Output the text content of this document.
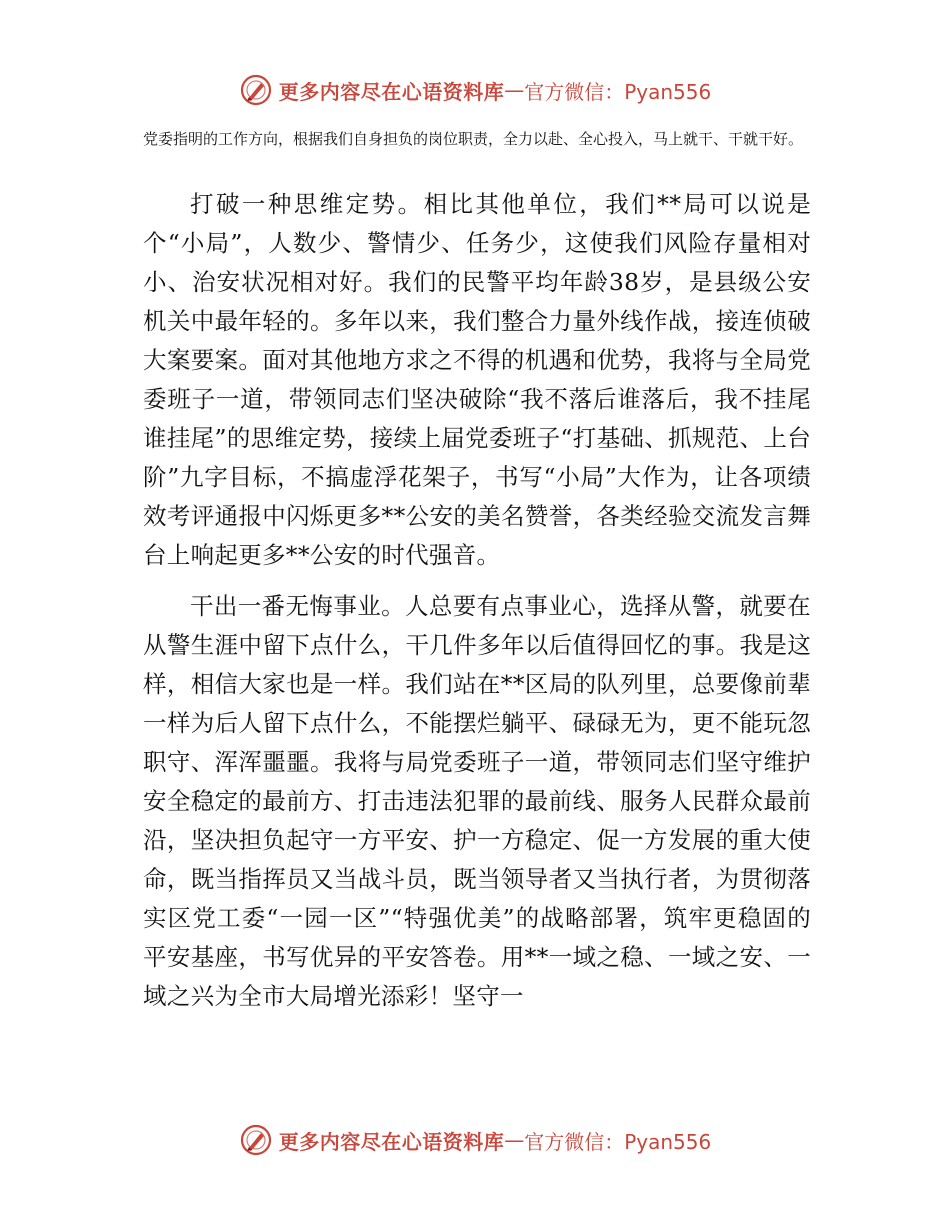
更多内容尽在心语资料库 — 官方微信：Pyan556

党委指明的工作方向，根据我们自身担负的岗位职责，全力以赴、全心投入，马上就干、干就干好。

打破一种思维定势。相比其他单位，我们**局可以说是个“小局”，人数少、警情少、任务少，这使我们风险存量相对小、治安状况相对好。我们的民警平均年龄38岁，是县级公安机关中最年轻的。多年以来，我们整合力量外线作战，接连侦破大案要案。面对其他地方求之不得的机遇和优势，我将与全局党委班子一道，带领同志们坚决破除“我不落后谁落后，我不挂尾谁挂尾”的思维定势，接续上届党委班子“打基础、抓规范、上台阶”九字目标，不搞虚浮花架子，书写“小局”大作为，让各项绩效考评通报中闪烁更多**公安的美名赞誉，各类经验交流发言舞台上响起更多**公安的时代强音。

干出一番无悔事业。人总要有点事业心，选择从警，就要在从警生涯中留下点什么，干几件多年以后值得回忆的事。我是这样，相信大家也是一样。我们站在**区局的队列里，总要像前辈一样为后人留下点什么，不能摆烂躺平、碌碌无为，更不能玩忽职守、浑浑噩噩。我将与局党委班子一道，带领同志们坚守维护安全稳定的最前方、打击违法犯罪的最前线、服务人民群众最前沿，坚决担负起守一方平安、护一方稳定、促一方发展的重大使命，既当指挥员又当战斗员，既当领导者又当执行者，为贯彻落实区党工委“一园一区”“特强优美”的战略部署，筑牢更稳固的平安基座，书写优异的平安答卷。用**一域之稳、一域之安、一域之兴为全市大局增光添彩！坚守一

更多内容尽在心语资料库 — 官方微信：Pyan556
